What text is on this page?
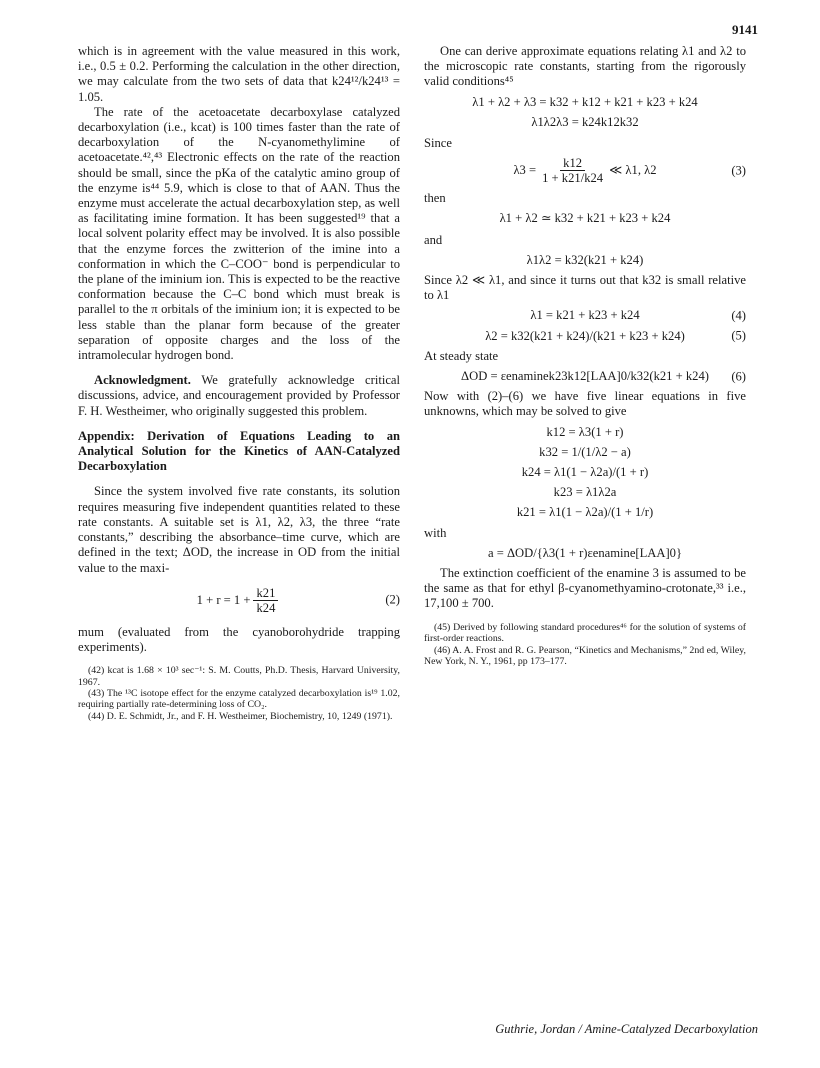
9141

which is in agreement with the value measured in this work, i.e., 0.5 ± 0.2. Performing the calculation in the other direction, we may calculate from the two sets of data that k24¹²/k24¹³ = 1.05.

The rate of the acetoacetate decarboxylase catalyzed decarboxylation (i.e., kcat) is 100 times faster than the rate of decarboxylation of the N-cyanomethylimine of acetoacetate.⁴²,⁴³ Electronic effects on the rate of the reaction should be small, since the pKa of the catalytic amino group of the enzyme is⁴⁴ 5.9, which is close to that of AAN. Thus the enzyme must accelerate the actual decarboxylation step, as well as facilitating imine formation. It has been suggested¹⁹ that a local solvent polarity effect may be involved. It is also possible that the enzyme forces the zwitterion of the imine into a conformation in which the C–COO⁻ bond is perpendicular to the plane of the iminium ion. This is expected to be the reactive conformation because the C–C bond which must break is parallel to the π orbitals of the iminium ion; it is expected to be less stable than the planar form because of the greater separation of opposite charges and the loss of the intramolecular hydrogen bond.

Acknowledgment. We gratefully acknowledge critical discussions, advice, and encouragement provided by Professor F. H. Westheimer, who originally suggested this problem.

Appendix: Derivation of Equations Leading to an Analytical Solution for the Kinetics of AAN-Catalyzed Decarboxylation

Since the system involved five rate constants, its solution requires measuring five independent quantities related to these rate constants. A suitable set is λ1, λ2, λ3, the three “rate constants,” describing the absorbance–time curve, which are defined in the text; ΔOD, the increase in OD from the initial value to the maxi-

$1 + r = 1 + \frac{k21}{k24}$	(2)

mum (evaluated from the cyanoborohydride trapping experiments).

(42) kcat is 1.68 × 10³ sec⁻¹: S. M. Coutts, Ph.D. Thesis, Harvard University, 1967.

(43) The ¹³C isotope effect for the enzyme catalyzed decarboxylation is¹⁹ 1.02, requiring partially rate-determining loss of CO₂.

(44) D. E. Schmidt, Jr., and F. H. Westheimer, Biochemistry, 10, 1249 (1971).

One can derive approximate equations relating λ1 and λ2 to the microscopic rate constants, starting from the rigorously valid conditions⁴⁵

λ1 + λ2 + λ3 = k32 + k12 + k21 + k23 + k24
λ1λ2λ3 = k24k12k32

Since

$\lambda 3 = \frac{k12}{1 + k21/k24}$ ≪ λ1, λ2	(3)

then

λ1 + λ2 ≃ k32 + k21 + k23 + k24

and

λ1λ2 = k32(k21 + k24)

Since λ2 ≪ λ1, and since it turns out that k32 is small relative to λ1

λ1 = k21 + k23 + k24	(4)
λ2 = k32(k21 + k24)/(k21 + k23 + k24)	(5)

At steady state

ΔOD = εenaminek23k12[LAA]0/k32(k21 + k24) (6)

Now with (2)–(6) we have five linear equations in five unknowns, which may be solved to give

k12 = λ3(1 + r)
k32 = 1/(1/λ2 − a)
k24 = λ1(1 − λ2a)/(1 + r)
k23 = λ1λ2a
k21 = λ1(1 − λ2a)/(1 + 1/r)

with

a = ΔOD/{λ3(1 + r)εenamine[LAA]0}

The extinction coefficient of the enamine 3 is assumed to be the same as that for ethyl β-cyanomethyamino-crotonate,³³ i.e., 17,100 ± 700.

(45) Derived by following standard procedures⁴⁶ for the solution of systems of first-order reactions.

(46) A. A. Frost and R. G. Pearson, “Kinetics and Mechanisms,” 2nd ed, Wiley, New York, N. Y., 1961, pp 173–177.

Guthrie, Jordan / Amine-Catalyzed Decarboxylation
